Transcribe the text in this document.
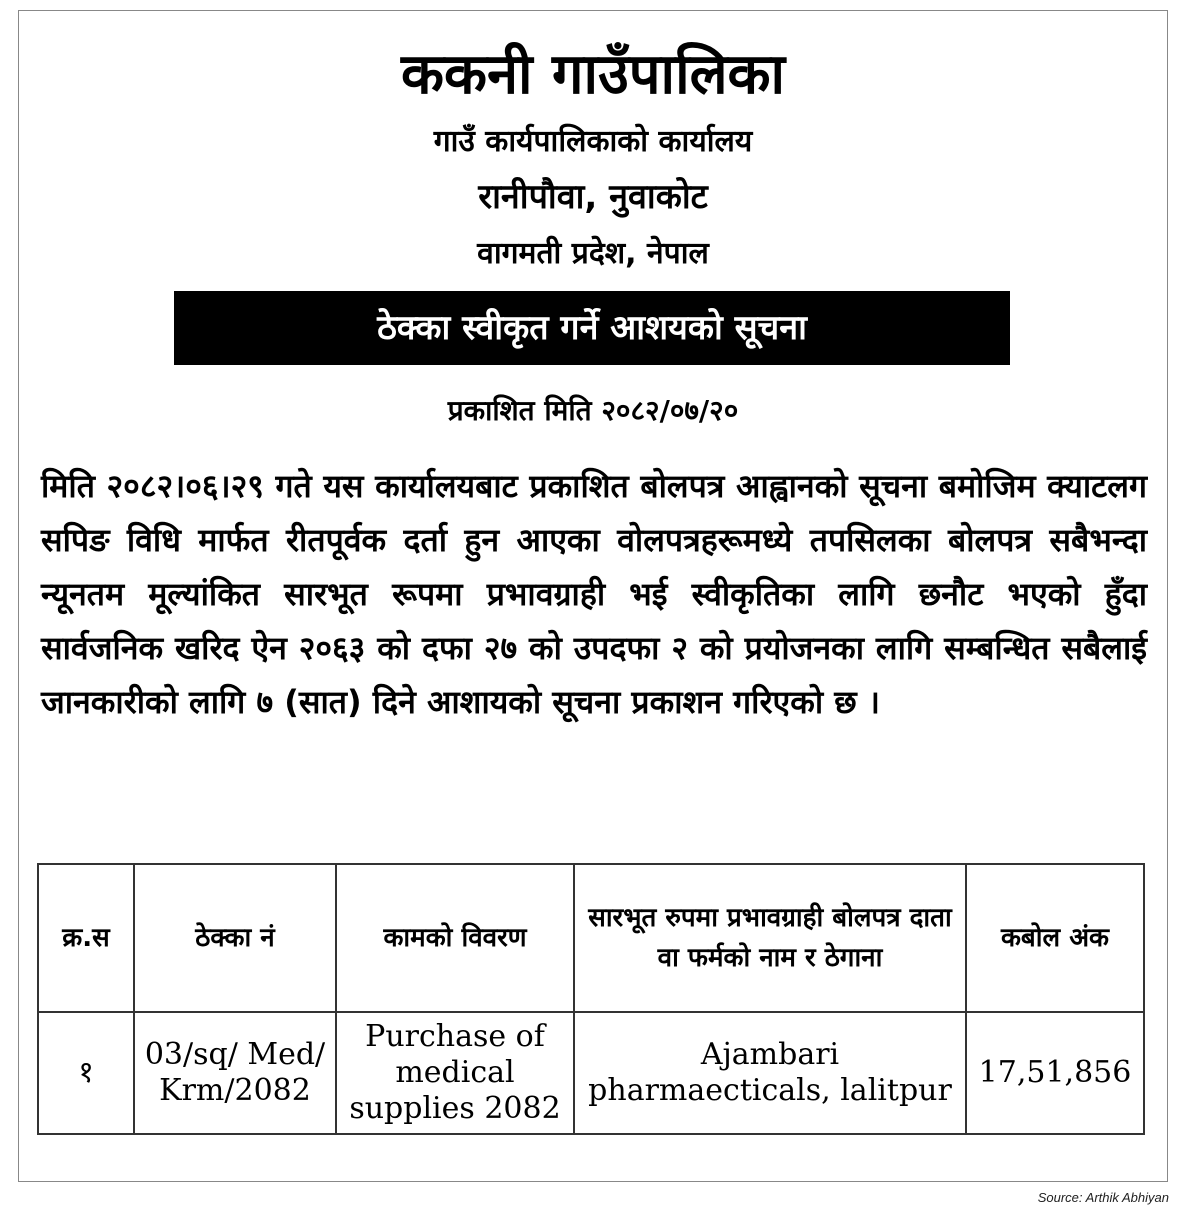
ककनी गाउँपालिका
गाउँ कार्यपालिकाको कार्यालय
रानीपौवा, नुवाकोट
वागमती प्रदेश, नेपाल
ठेक्का स्वीकृत गर्ने आशयको सूचना
प्रकाशित मिति २०८२/०७/२०
मिति २०८२।०६।२९ गते यस कार्यालयबाट प्रकाशित बोलपत्र आह्वानको सूचना बमोजिम क्याटलग सपिङ विधि मार्फत रीतपूर्वक दर्ता हुन आएका वोलपत्रहरूमध्ये तपसिलका बोलपत्र सबैभन्दा न्यूनतम मूल्यांकित सारभूत रूपमा प्रभावग्राही भई स्वीकृतिका लागि छनौट भएको हुँदा सार्वजनिक खरिद ऐन २०६३ को दफा २७ को उपदफा २ को प्रयोजनका लागि सम्बन्धित सबैलाई जानकारीको लागि ७ (सात) दिने आशायको सूचना प्रकाशन गरिएको छ ।
क्र.स	ठेक्का नं	कामको विवरण	सारभूत रुपमा प्रभावग्राही बोलपत्र दाता वा फर्मको नाम र ठेगाना	कबोल अंक
१	03/sq/ Med/ Krm/2082	Purchase of medical supplies 2082	Ajambari pharmaecticals, lalitpur	17,51,856
Source: Arthik Abhiyan
